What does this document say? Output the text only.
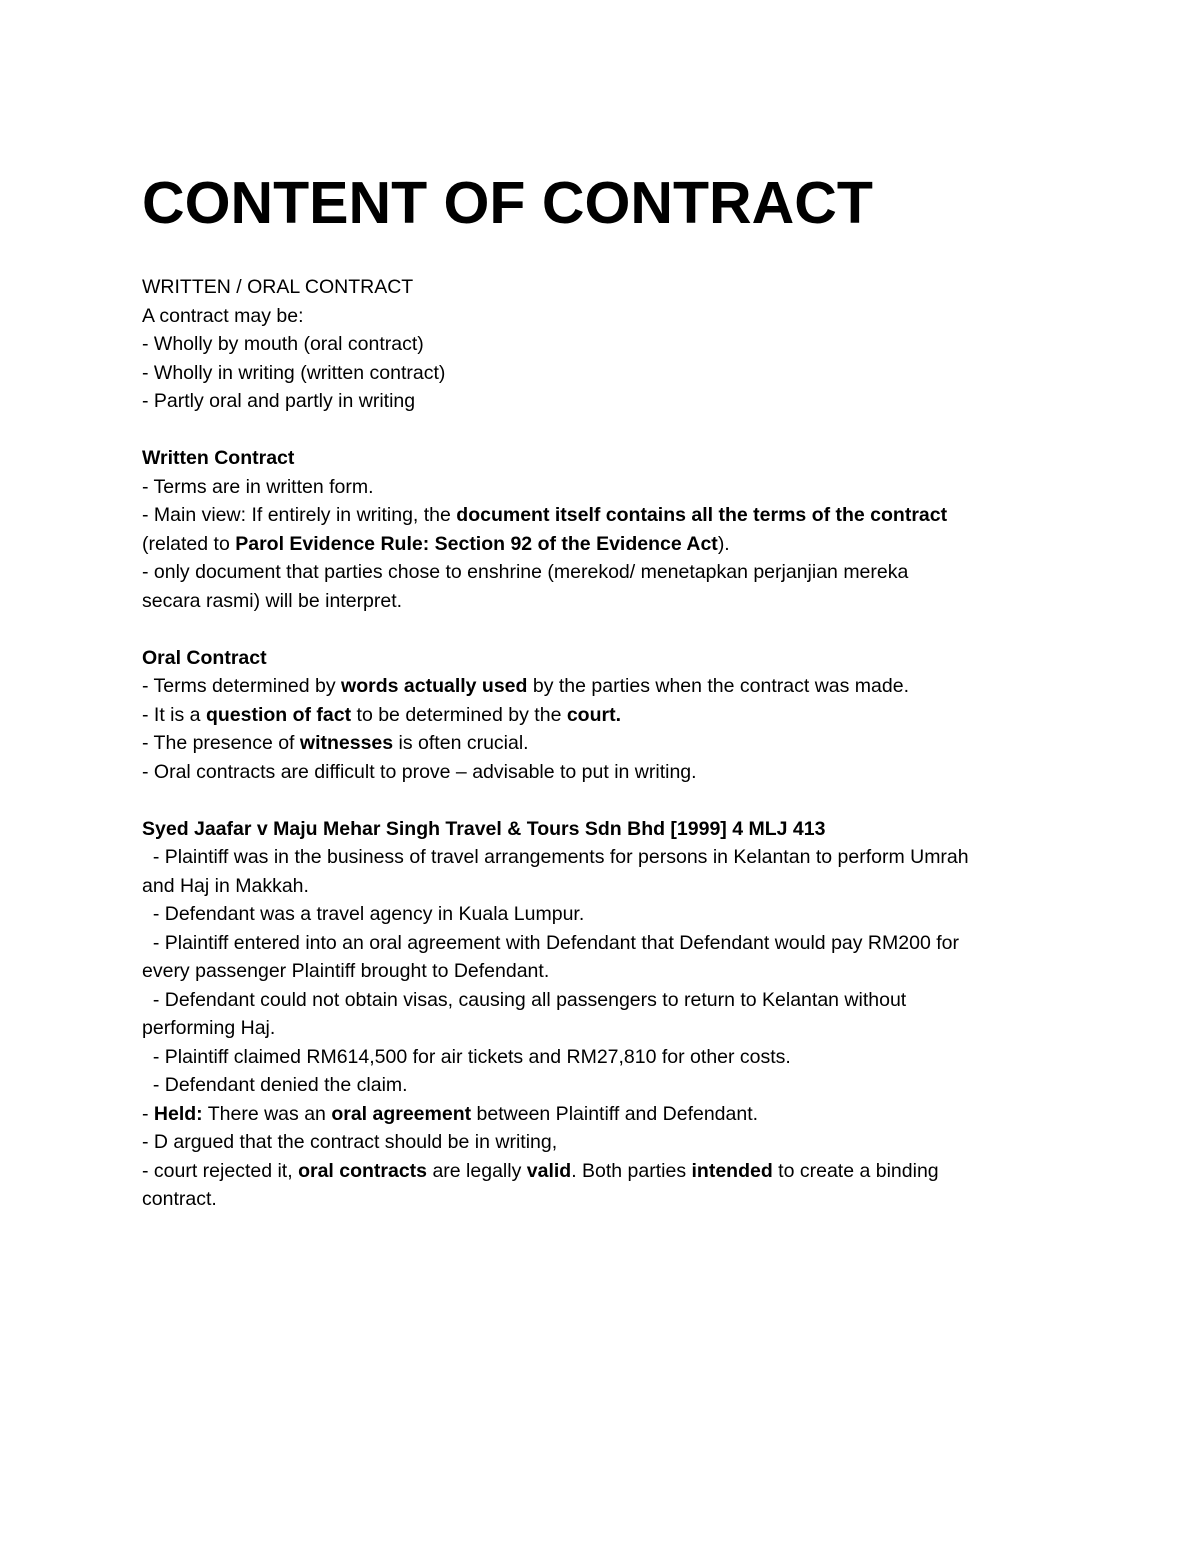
CONTENT OF CONTRACT
WRITTEN / ORAL CONTRACT
A contract may be:
- Wholly by mouth (oral contract)
- Wholly in writing (written contract)
- Partly oral and partly in writing
Written Contract
- Terms are in written form.
- Main view: If entirely in writing, the document itself contains all the terms of the contract
(related to Parol Evidence Rule: Section 92 of the Evidence Act).
- only document that parties chose to enshrine (merekod/ menetapkan perjanjian mereka
secara rasmi) will be interpret.
Oral Contract
- Terms determined by words actually used by the parties when the contract was made.
- It is a question of fact to be determined by the court.
- The presence of witnesses is often crucial.
- Oral contracts are difficult to prove – advisable to put in writing.
Syed Jaafar v Maju Mehar Singh Travel & Tours Sdn Bhd [1999] 4 MLJ 413
- Plaintiff was in the business of travel arrangements for persons in Kelantan to perform Umrah
and Haj in Makkah.
- Defendant was a travel agency in Kuala Lumpur.
- Plaintiff entered into an oral agreement with Defendant that Defendant would pay RM200 for
every passenger Plaintiff brought to Defendant.
- Defendant could not obtain visas, causing all passengers to return to Kelantan without
performing Haj.
- Plaintiff claimed RM614,500 for air tickets and RM27,810 for other costs.
- Defendant denied the claim.
- Held: There was an oral agreement between Plaintiff and Defendant.
- D argued that the contract should be in writing,
- court rejected it, oral contracts are legally valid. Both parties intended to create a binding
contract.
